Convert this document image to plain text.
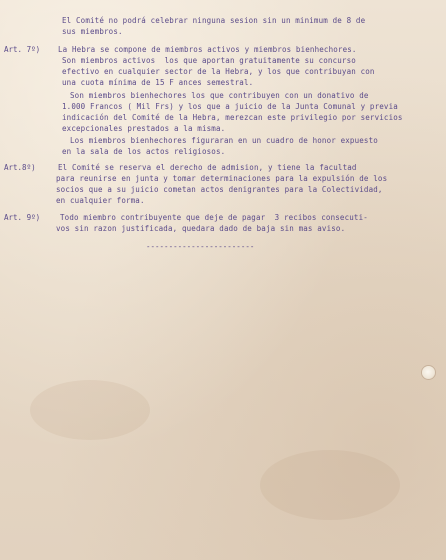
El Comité no podrá celebrar ninguna sesion sin un minimum de 8 de
sus miembros.
Art. 7º) La Hebra se compone de miembros activos y miembros bienhechores.
Son miembros activos  los que aportan gratuitamente su concurso
efectivo en cualquier sector de la Hebra, y los que contribuyan con
una cuota mínima de 15 F ances semestral.
Son miembros bienhechores los que contribuyen con un donativo de
1.000 Francos ( Mil Frs) y los que a juicio de la Junta Comunal y previa
indicación del Comité de la Hebra, merezcan este privilegio por servicios
excepcionales prestados a la misma.
Los miembros bienhechores figuraran en un cuadro de honor expuesto
en la sala de los actos religiosos.
Art.8º)	El Comité se reserva el derecho de admision, y tiene la facultad
para reunirse en junta y tomar determinaciones para la expulsión de los
socios que a su juicio cometan actos denigrantes para la Colectividad,
en cualquier forma.
Art. 9º)	Todo miembro contribuyente que deje de pagar  3 recibos consecuti-
vos sin razon justificada, quedara dado de baja sin mas aviso.
------------------------
